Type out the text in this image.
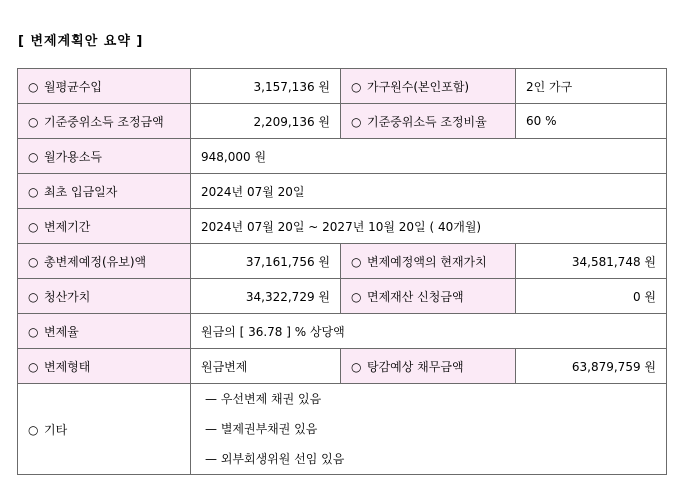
[ 변제계획안 요약 ]
○ 월평균수입	3,157,136 원	○ 가구원수(본인포함)	2인 가구
○ 기준중위소득 조정금액	2,209,136 원	○ 기준중위소득 조정비율	60 %
○ 월가용소득	948,000 원		
○ 최초 입금일자	2024년 07월 20일		
○ 변제기간	2024년 07월 20일 ~ 2027년 10월 20일 ( 40개월)		
○ 총변제예정(유보)액	37,161,756 원	○ 변제예정액의 현재가치	34,581,748 원
○ 청산가치	34,322,729 원	○ 면제재산 신청금액	0 원
○ 변제율	원금의 [ 36.78 ] % 상당액		
○ 변제형태	원금변제	○ 탕감예상 채무금액	63,879,759 원
○ 기타	— 우선변제 채권 있음
— 별제권부채권 있음
— 외부회생위원 선임 있음		
